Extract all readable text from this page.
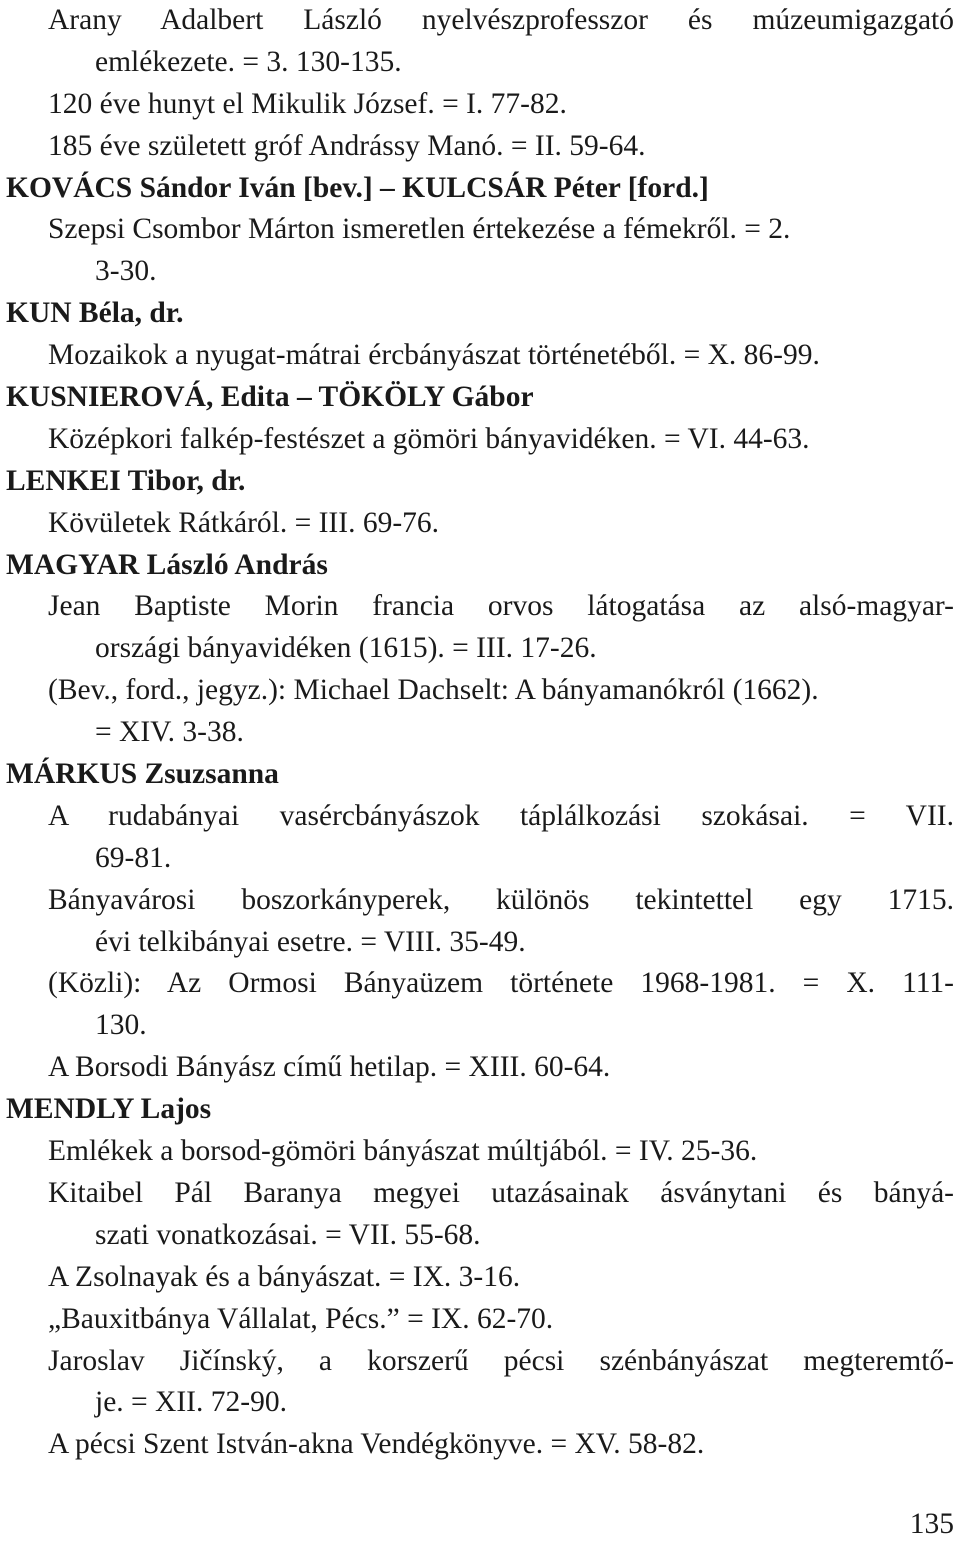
Arany Adalbert László nyelvészprofesszor és múzeumigazgató
emlékezete. = 3. 130-135.
120 éve hunyt el Mikulik József. = I. 77-82.
185 éve született gróf Andrássy Manó. = II. 59-64.
KOVÁCS Sándor Iván [bev.] – KULCSÁR Péter [ford.]
Szepsi Csombor Márton ismeretlen értekezése a fémekről. = 2.
3-30.
KUN Béla, dr.
Mozaikok a nyugat-mátrai ércbányászat történetéből. = X. 86-99.
KUSNIEROVÁ, Edita – TÖKÖLY Gábor
Középkori falkép-festészet a gömöri bányavidéken. = VI. 44-63.
LENKEI Tibor, dr.
Kövületek Rátkáról. = III. 69-76.
MAGYAR László András
Jean Baptiste Morin francia orvos látogatása az alsó-magyar-
országi bányavidéken (1615). = III. 17-26.
(Bev., ford., jegyz.): Michael Dachselt: A bányamanókról (1662).
= XIV. 3-38.
MÁRKUS Zsuzsanna
A rudabányai vasércbányászok táplálkozási szokásai. = VII.
69-81.
Bányavárosi boszorkányperek, különös tekintettel egy 1715.
évi telkibányai esetre. = VIII. 35-49.
(Közli): Az Ormosi Bányaüzem története 1968-1981. = X. 111-
130.
A Borsodi Bányász című hetilap. = XIII. 60-64.
MENDLY Lajos
Emlékek a borsod-gömöri bányászat múltjából. = IV. 25-36.
Kitaibel Pál Baranya megyei utazásainak ásványtani és bányá-
szati vonatkozásai. = VII. 55-68.
A Zsolnayak és a bányászat. = IX. 3-16.
„Bauxitbánya Vállalat, Pécs.” = IX. 62-70.
Jaroslav Jičínský, a korszerű pécsi szénbányászat megteremtő-
je. = XII. 72-90.
A pécsi Szent István-akna Vendégkönyve. = XV. 58-82.
135
